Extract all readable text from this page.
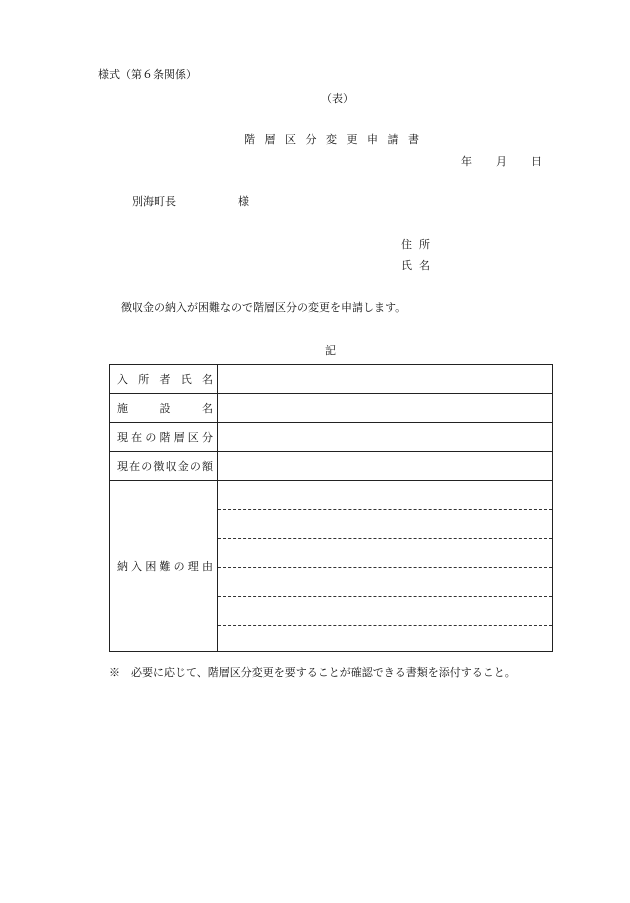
様式（第６条関係）
（表）
階層区分変更申請書
年 月 日
別海町長	様
住所
氏名
徴収金の納入が困難なので階層区分の変更を申請します。
記
入 所 者 氏 名
施	設	名
現 在 の 階 層 区 分
現 在 の 徴 収 金 の 額
納 入 困 難 の 理 由
※　必要に応じて、階層区分変更を要することが確認できる書類を添付すること。
